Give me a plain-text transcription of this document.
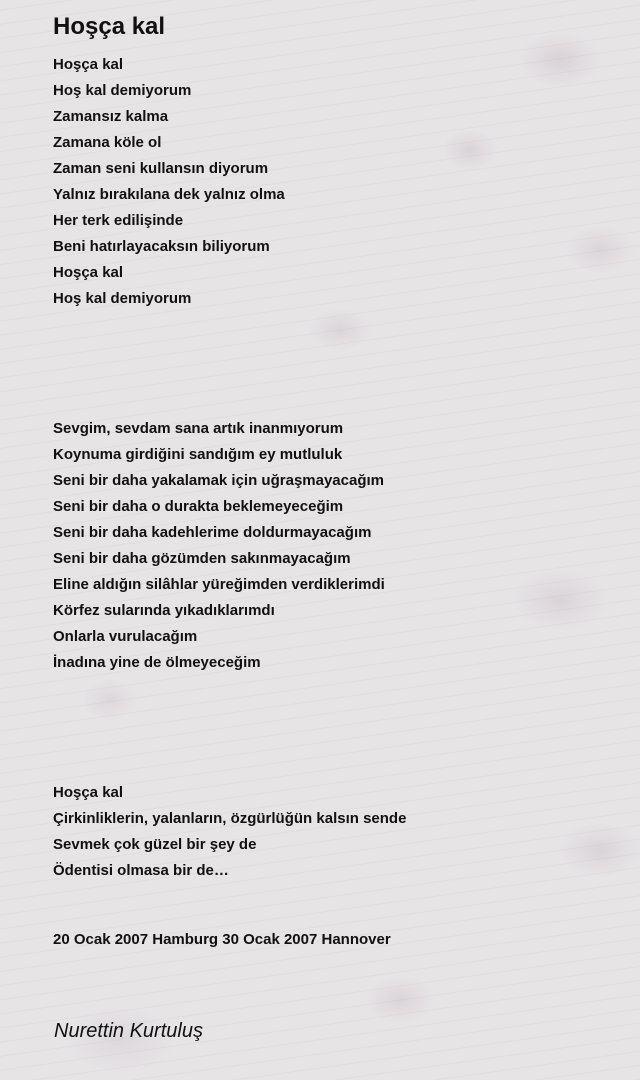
Hoşça kal
Hoşça kal
Hoş kal demiyorum
Zamansız kalma
Zamana köle ol
Zaman seni kullansın diyorum
Yalnız bırakılana dek yalnız olma
Her terk edilişinde
Beni hatırlayacaksın biliyorum
Hoşça kal
Hoş kal demiyorum
Sevgim, sevdam sana artık inanmıyorum
Koynuma girdiğini sandığım ey mutluluk
Seni bir daha yakalamak için uğraşmayacağım
Seni bir daha o durakta beklemeyeceğim
Seni bir daha kadehlerime doldurmayacağım
Seni bir daha gözümden sakınmayacağım
Eline aldığın silâhlar yüreğimden verdiklerimdi
Körfez sularında yıkadıklarımdı
Onlarla vurulacağım
İnadına yine de ölmeyeceğim
Hoşça kal
Çirkinliklerin, yalanların, özgürlüğün kalsın sende
Sevmek çok güzel bir şey de
Ödentisi olmasa bir de…
20 Ocak 2007 Hamburg 30 Ocak 2007 Hannover
Nurettin Kurtuluş
